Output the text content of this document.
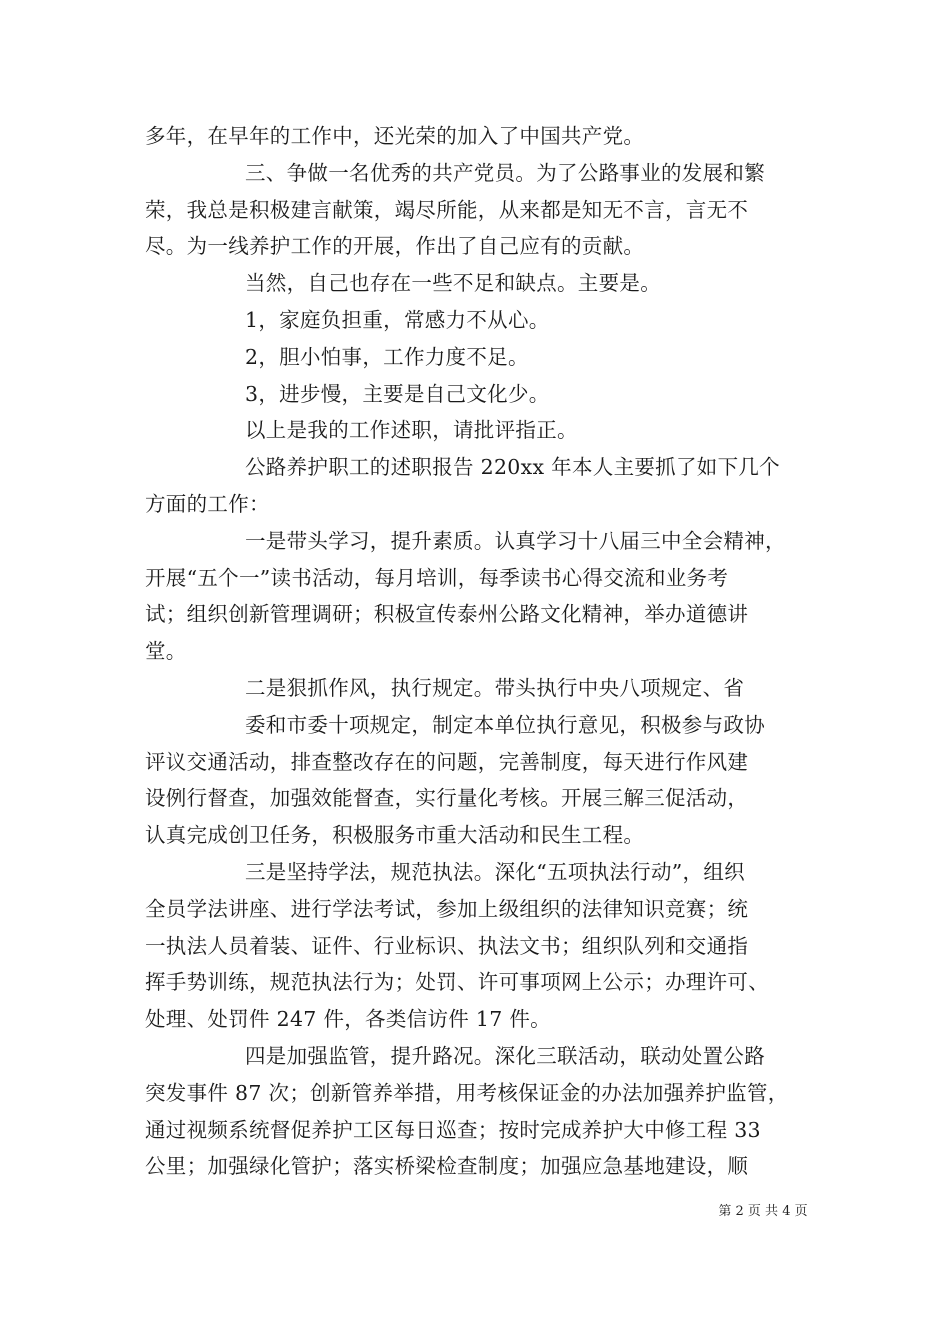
多年，在早年的工作中，还光荣的加入了中国共产党。
三、争做一名优秀的共产党员。为了公路事业的发展和繁
荣，我总是积极建言献策，竭尽所能，从来都是知无不言，言无不
尽。为一线养护工作的开展，作出了自己应有的贡献。
当然，自己也存在一些不足和缺点。主要是。
1，家庭负担重，常感力不从心。
2，胆小怕事，工作力度不足。
3，进步慢，主要是自己文化少。
以上是我的工作述职，请批评指正。
公路养护职工的述职报告 220xx 年本人主要抓了如下几个
方面的工作：
一是带头学习，提升素质。认真学习十八届三中全会精神，
开展“五个一”读书活动，每月培训，每季读书心得交流和业务考
试；组织创新管理调研；积极宣传泰州公路文化精神，举办道德讲
堂。
二是狠抓作风，执行规定。带头执行中央八项规定、省
委和市委十项规定，制定本单位执行意见，积极参与政协
评议交通活动，排查整改存在的问题，完善制度，每天进行作风建
设例行督查，加强效能督查，实行量化考核。开展三解三促活动，
认真完成创卫任务，积极服务市重大活动和民生工程。
三是坚持学法，规范执法。深化“五项执法行动”，组织
全员学法讲座、进行学法考试，参加上级组织的法律知识竞赛；统
一执法人员着装、证件、行业标识、执法文书；组织队列和交通指
挥手势训练，规范执法行为；处罚、许可事项网上公示；办理许可、
处理、处罚件 247 件，各类信访件 17 件。
四是加强监管，提升路况。深化三联活动，联动处置公路
突发事件 87 次；创新管养举措，用考核保证金的办法加强养护监管，
通过视频系统督促养护工区每日巡查；按时完成养护大中修工程 33
公里；加强绿化管护；落实桥梁检查制度；加强应急基地建设，顺
第 2 页 共 4 页
